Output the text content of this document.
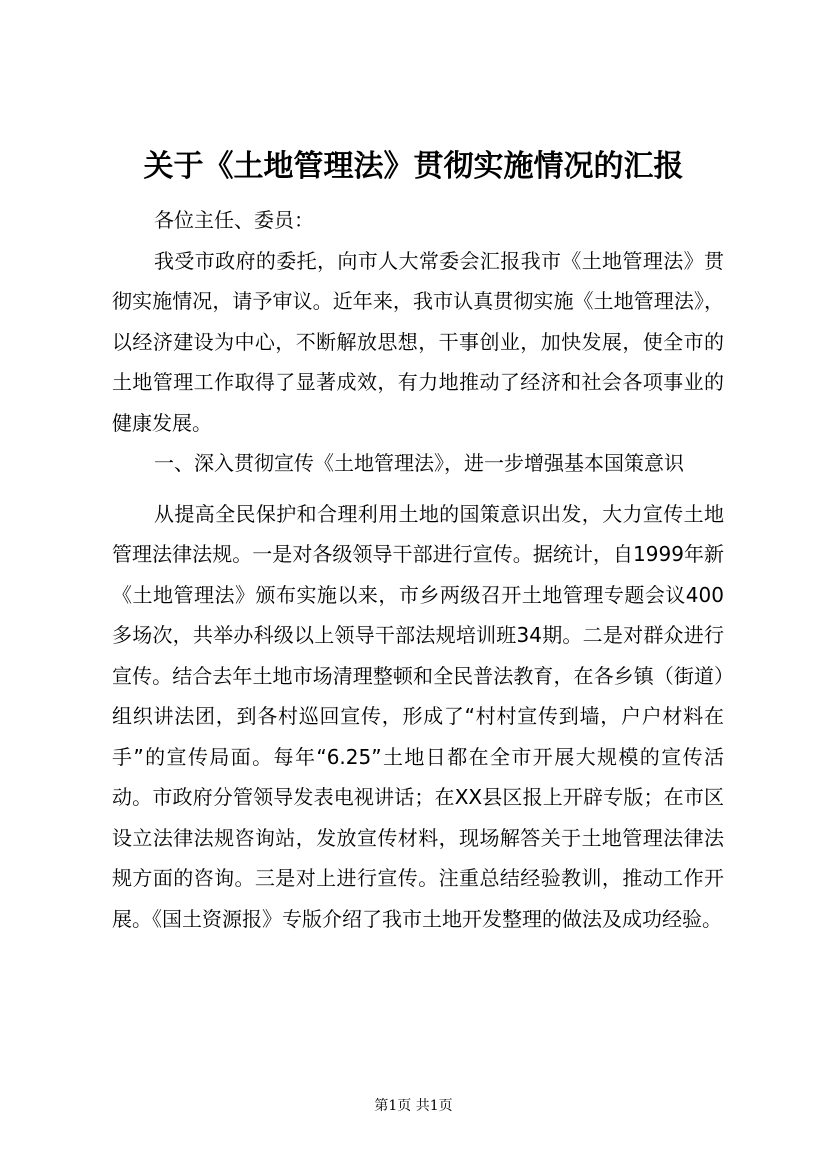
关于《土地管理法》贯彻实施情况的汇报

各位主任、委员：

我受市政府的委托，向市人大常委会汇报我市《土地管理法》贯彻实施情况，请予审议。近年来，我市认真贯彻实施《土地管理法》，以经济建设为中心，不断解放思想，干事创业，加快发展，使全市的土地管理工作取得了显著成效，有力地推动了经济和社会各项事业的健康发展。

一、深入贯彻宣传《土地管理法》，进一步增强基本国策意识

从提高全民保护和合理利用土地的国策意识出发，大力宣传土地管理法律法规。一是对各级领导干部进行宣传。据统计，自1999年新《土地管理法》颁布实施以来，市乡两级召开土地管理专题会议400多场次，共举办科级以上领导干部法规培训班34期。二是对群众进行宣传。结合去年土地市场清理整顿和全民普法教育，在各乡镇（街道）组织讲法团，到各村巡回宣传，形成了“村村宣传到墙，户户材料在手”的宣传局面。每年“6.25”土地日都在全市开展大规模的宣传活动。市政府分管领导发表电视讲话；在XX县区报上开辟专版；在市区设立法律法规咨询站，发放宣传材料，现场解答关于土地管理法律法规方面的咨询。三是对上进行宣传。注重总结经验教训，推动工作开展。《国土资源报》专版介绍了我市土地开发整理的做法及成功经验。

第1页 共1页
